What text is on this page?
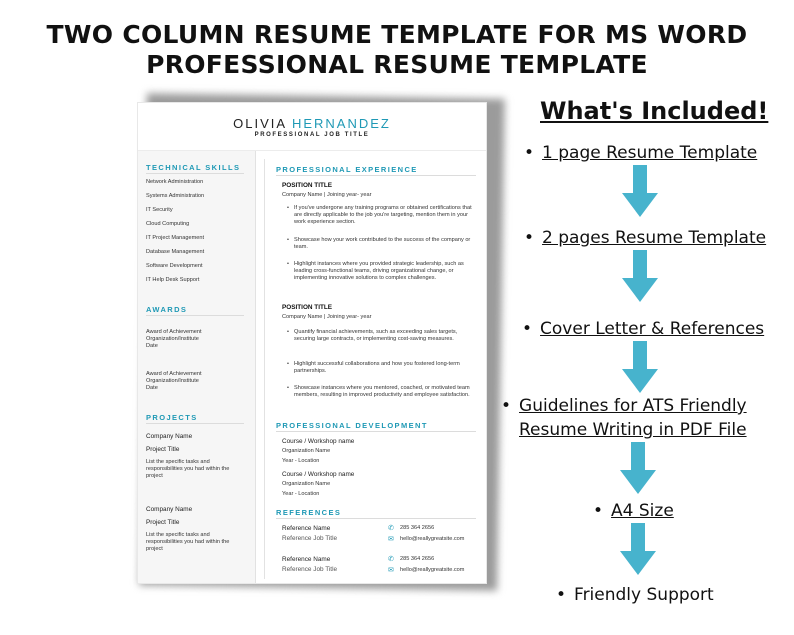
TWO COLUMN RESUME TEMPLATE FOR MS WORD
PROFESSIONAL RESUME TEMPLATE
OLIVIA HERNANDEZ
PROFESSIONAL JOB TITLE
TECHNICAL SKILLS
Network Administration
Systems Administration
IT Security
Cloud Computing
IT Project Management
Database Management
Software Development
IT Help Desk Support
AWARDS
Award of Achievement
Organization/Institute
Date
Award of Achievement
Organization/Institute
Date
PROJECTS
Company Name
Project Title
List the specific tasks and responsibilities you had within the project
Company Name
Project Title
List the specific tasks and responsibilities you had within the project
PROFESSIONAL EXPERIENCE
POSITION TITLE
Company Name | Joining year- year
• If you've undergone any training programs or obtained certifications that are directly applicable to the job you're targeting, mention them in your work experience section.
• Showcase how your work contributed to the success of the company or team.
• Highlight instances where you provided strategic leadership, such as leading cross-functional teams, driving organizational change, or implementing innovative solutions to complex challenges.
POSITION TITLE
Company Name | Joining year- year
• Quantify financial achievements, such as exceeding sales targets, securing large contracts, or implementing cost-saving measures.
• Highlight successful collaborations and how you fostered long-term partnerships.
• Showcase instances where you mentored, coached, or motivated team members, resulting in improved productivity and employee satisfaction.
PROFESSIONAL DEVELOPMENT
Course / Workshop name
Organization Name
Year - Location
Course / Workshop name
Organization Name
Year - Location
REFERENCES
Reference Name
Reference Job Title
✆	285 364 2656
✉	hello@reallygreatsite.com
Reference Name
Reference Job Title
✆	285 364 2656
✉	hello@reallygreatsite.com
What's Included!
• 1 page Resume Template
• 2 pages Resume Template
• Cover Letter & References
• Guidelines for ATS Friendly
Resume Writing in PDF File
• A4 Size
• Friendly Support
